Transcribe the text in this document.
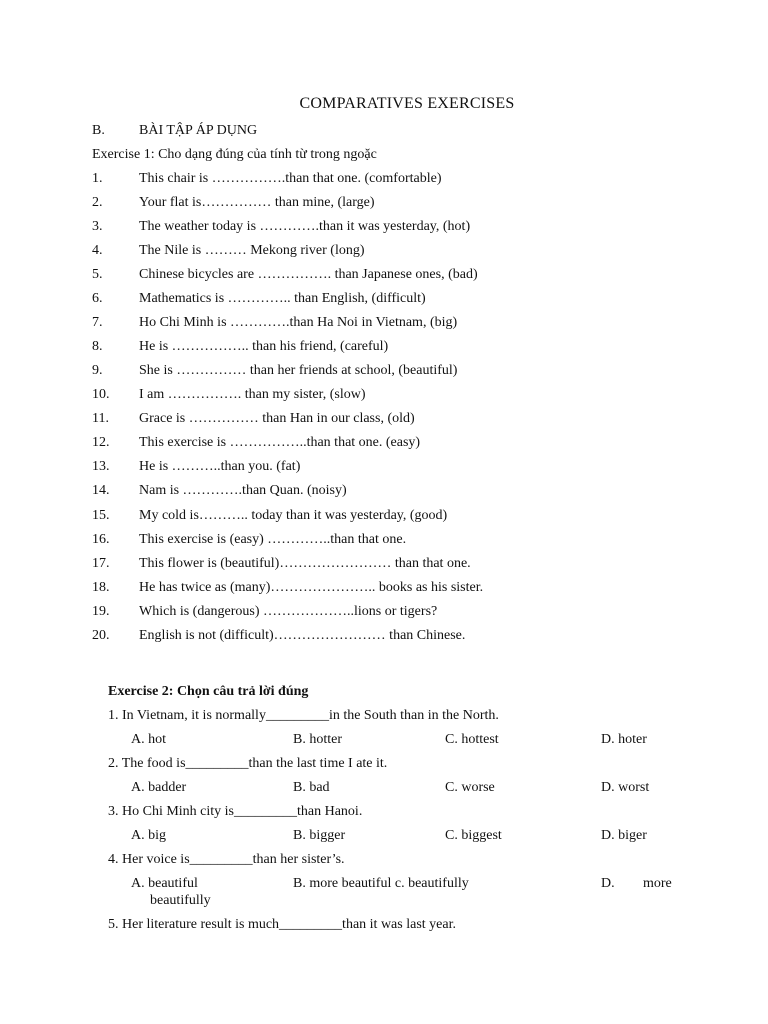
COMPARATIVES EXERCISES
B. BÀI TẬP ÁP DỤNG
Exercise 1: Cho dạng đúng của tính từ trong ngoặc
1.	This chair is …………….than that one. (comfortable)
2.	Your flat is…………… than mine, (large)
3.	The weather today is ………….than it was yesterday, (hot)
4.	The Nile is ……… Mekong river (long)
5.	Chinese bicycles are ……………. than Japanese ones, (bad)
6.	Mathematics is ………….. than English, (difficult)
7.	Ho Chi Minh is ………….than Ha Noi in Vietnam, (big)
8.	He is …………….. than his friend, (careful)
9.	She is …………… than her friends at school, (beautiful)
10. I am ……………. than my sister, (slow)
11. Grace is …………… than Han in our class, (old)
12. This exercise is ……………..than that one. (easy)
13. He is ………..than you. (fat)
14. Nam is ………….than Quan. (noisy)
15. My cold is……….. today than it was yesterday, (good)
16. This exercise is (easy) …………..than that one.
17. This flower is (beautiful)…………………… than that one.
18. He has twice as (many)………………….. books as his sister.
19. Which is (dangerous) ………………..lions or tigers?
20. English is not (difficult)…………………… than Chinese.
Exercise 2: Chọn câu trả lời đúng
1. In Vietnam, it is normally_________in the South than in the North.
A. hot	B. hotter	C. hottest	D. hoter
2. The food is_________than the last time I ate it.
A. badder	B. bad	C. worse	D. worst
3. Ho Chi Minh city is_________than Hanoi.
A. big	B. bigger	C. biggest	D. biger
4. Her voice is_________than her sister’s.
A. beautiful	B. more beautiful c. beautifully	D. more
beautifully
5. Her literature result is much_________than it was last year.
